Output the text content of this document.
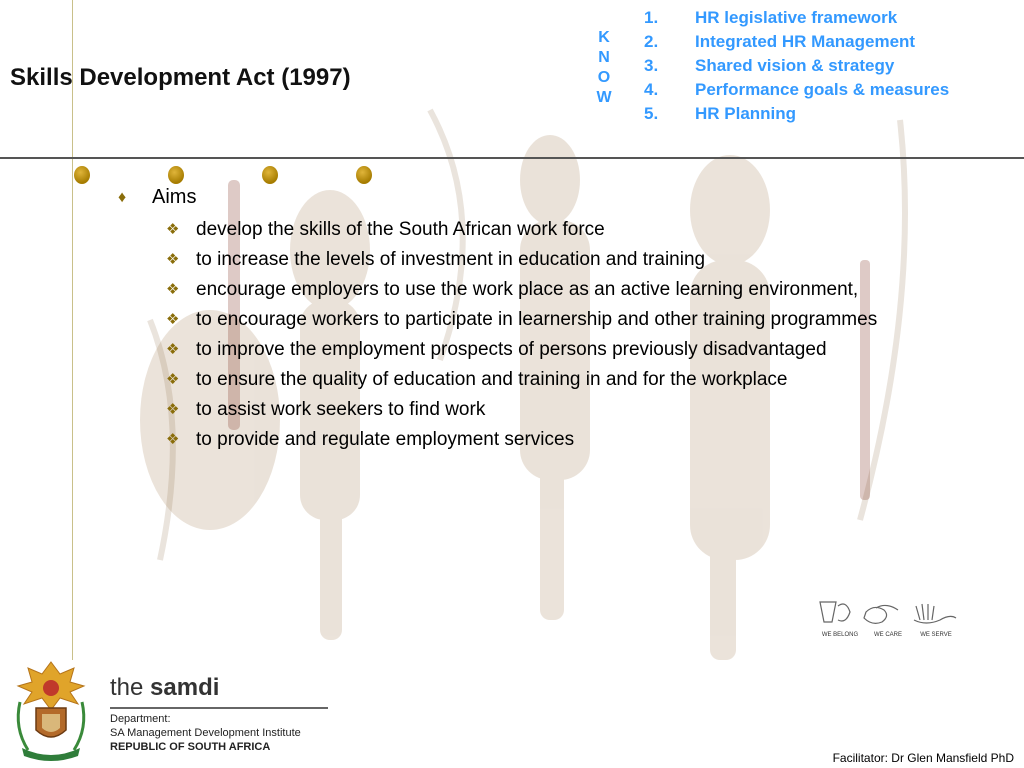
Skills Development Act (1997)
K
N
O
W
1.	HR legislative framework
2.	Integrated HR Management
3.	Shared vision & strategy
4.	Performance goals & measures
5.	HR Planning
♦	Aims
❖ develop the skills of the South African work force
❖ to increase the levels of investment in education and training
❖ encourage employers to use the work place as an active learning environment,
❖ to encourage workers to participate in learnership and other training programmes
❖ to improve the employment prospects of persons previously disadvantaged
❖ to ensure the quality of education and training in and for the workplace
❖ to assist work seekers to find work
❖ to provide and regulate employment services
WE BELONG	WE CARE	WE SERVE
the samdi
Department:
SA Management Development Institute
REPUBLIC OF SOUTH AFRICA
Facilitator: Dr Glen Mansfield PhD
